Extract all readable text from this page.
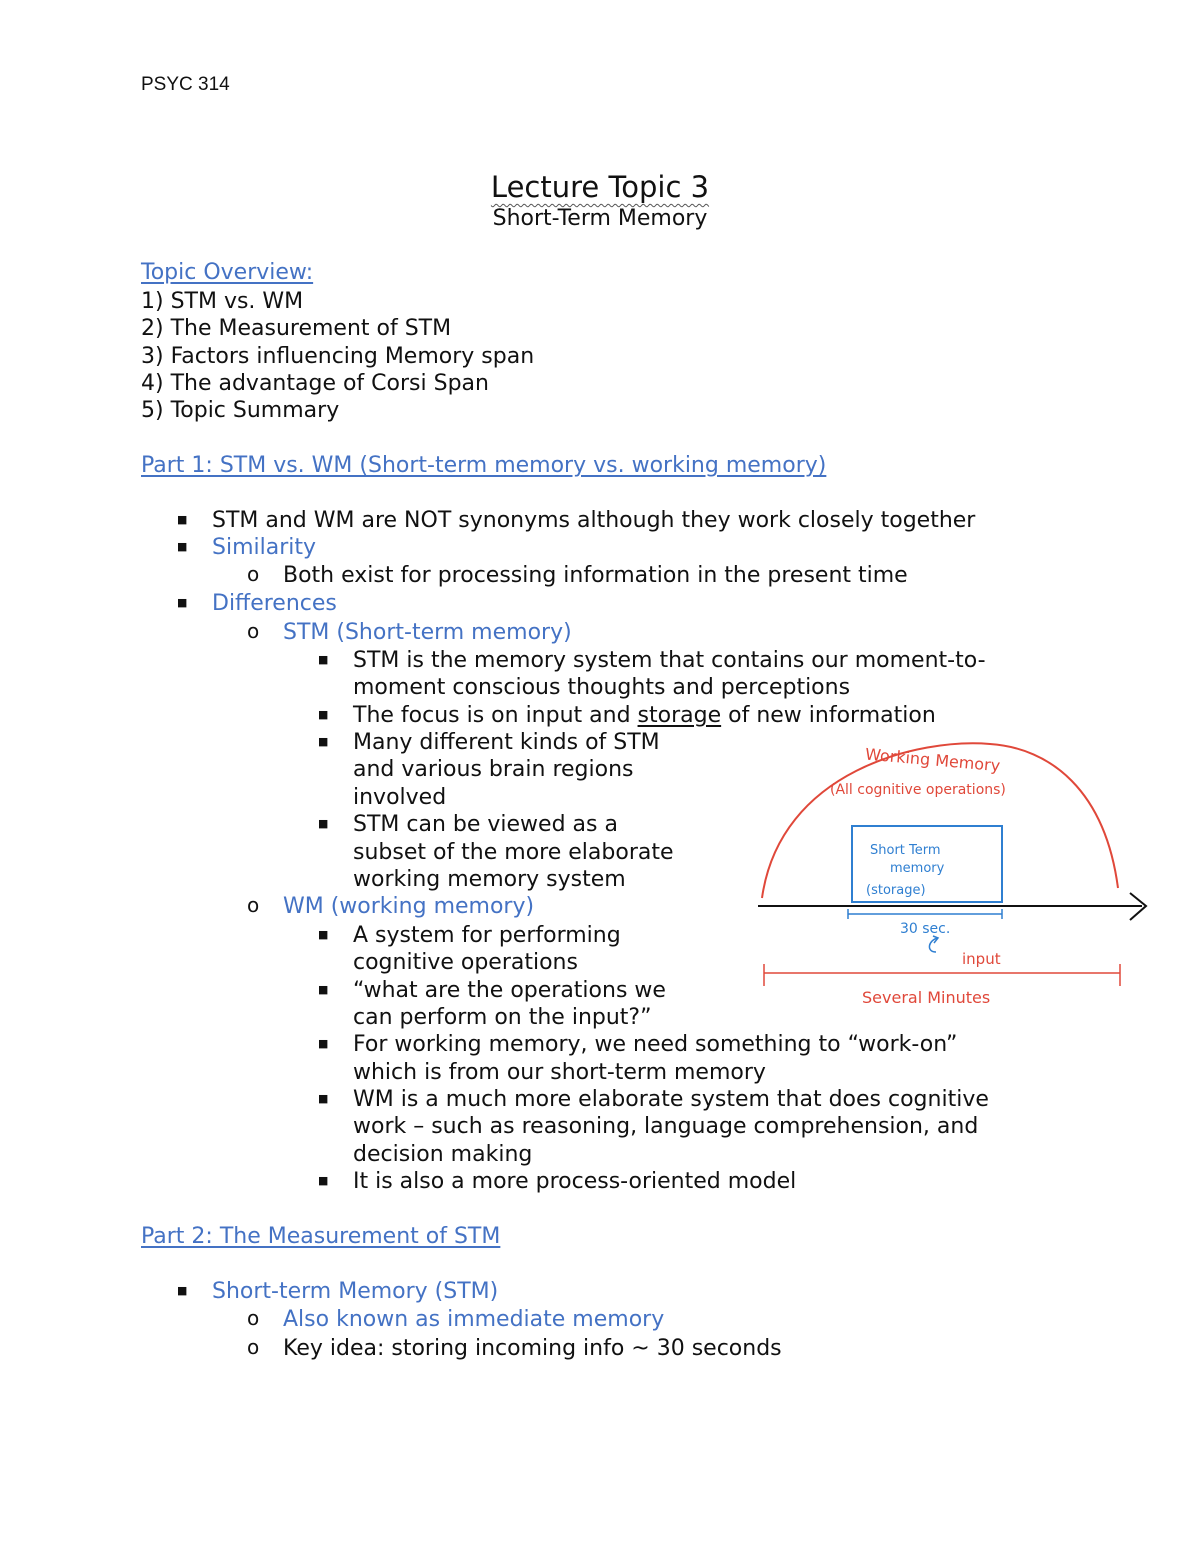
PSYC 314
Lecture Topic 3
Short-Term Memory
Topic Overview:
1) STM vs. WM
2) The Measurement of STM
3) Factors influencing Memory span
4) The advantage of Corsi Span
5) Topic Summary
Part 1: STM vs. WM (Short-term memory vs. working memory)
■ STM and WM are NOT synonyms although they work closely together
■ Similarity
o Both exist for processing information in the present time
■ Differences
o STM (Short-term memory)
■ STM is the memory system that contains our moment-to-
moment conscious thoughts and perceptions
■ The focus is on input and storage of new information
■ Many different kinds of STM
and various brain regions
involved
■ STM can be viewed as a
subset of the more elaborate
working memory system
o WM (working memory)
■ A system for performing
cognitive operations
■ “what are the operations we
can perform on the input?”
■ For working memory, we need something to “work-on”
which is from our short-term memory
■ WM is a much more elaborate system that does cognitive
work – such as reasoning, language comprehension, and
decision making
■ It is also a more process-oriented model
Working Memory
(All cognitive operations)
Short Term
memory
(storage)
30 sec.
input
Several Minutes
Part 2: The Measurement of STM
■ Short-term Memory (STM)
o Also known as immediate memory
o Key idea: storing incoming info ~ 30 seconds
